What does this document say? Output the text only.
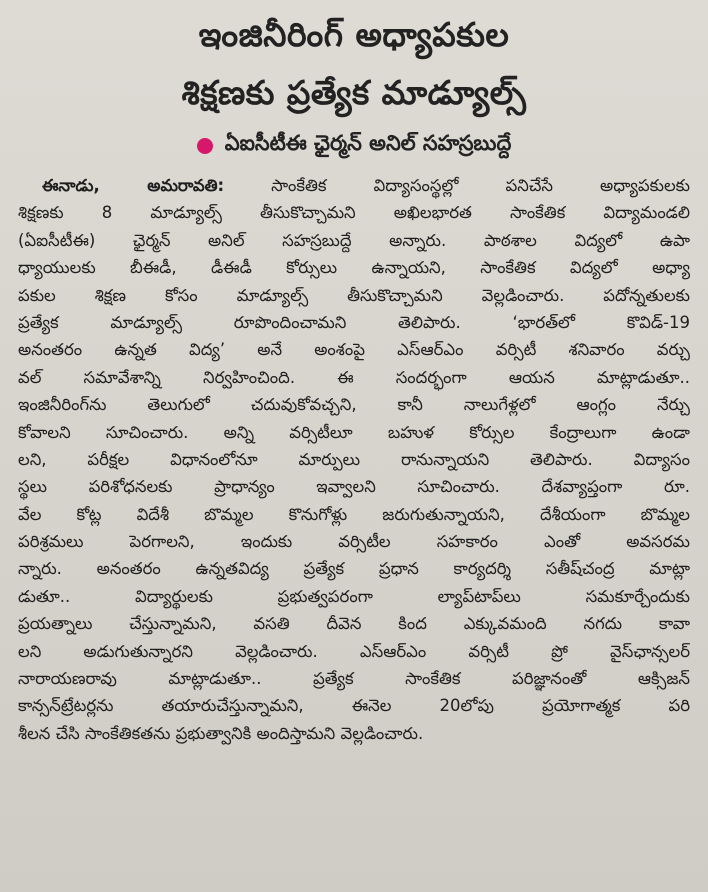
ఇంజినీరింగ్ అధ్యాపకుల
శిక్షణకు ప్రత్యేక మాడ్యూల్స్
ఏఐసీటీఈ ఛైర్మన్ అనిల్ సహస్రబుద్దే
ఈనాడు, అమరావతి:	సాంకేతిక విద్యాసంస్థల్లో పనిచేసే అధ్యాపకులకు
శిక్షణకు 8 మాడ్యూల్స్ తీసుకొచ్చామని అఖిలభారత సాంకేతిక విద్యామండలి
(ఏఐసీటీఈ) ఛైర్మన్ అనిల్ సహస్రబుద్దే అన్నారు. పాఠశాల విద్యలో ఉపా
ధ్యాయులకు బీఈడీ, డీఈడీ కోర్సులు ఉన్నాయని, సాంకేతిక విద్యలో అధ్యా
పకుల శిక్షణ కోసం మాడ్యూల్స్ తీసుకొచ్చామని వెల్లడించారు. పదోన్నతులకు
ప్రత్యేక మాడ్యూల్స్ రూపొందించామని తెలిపారు. ‘భారత్‌లో కొవిడ్-19
అనంతరం ఉన్నత విద్య’ అనే అంశంపై ఎస్ఆర్ఎం వర్సిటీ శనివారం వర్చు
వల్ సమావేశాన్ని నిర్వహించింది. ఈ సందర్భంగా ఆయన మాట్లాడుతూ..
ఇంజినీరింగ్‌ను తెలుగులో చదువుకోవచ్చని, కానీ నాలుగేళ్లలో ఆంగ్లం నేర్చు
కోవాలని సూచించారు. అన్ని వర్సిటీలూ బహుళ కోర్సుల కేంద్రాలుగా ఉండా
లని, పరీక్షల విధానంలోనూ మార్పులు రానున్నాయని తెలిపారు. విద్యాసం
స్థలు పరిశోధనలకు ప్రాధాన్యం ఇవ్వాలని సూచించారు. దేశవ్యాప్తంగా రూ.
వేల కోట్ల విదేశీ బొమ్మల కొనుగోళ్లు జరుగుతున్నాయని, దేశీయంగా బొమ్మల
పరిశ్రమలు పెరగాలని, ఇందుకు వర్సిటీల సహకారం ఎంతో అవసరమ
న్నారు. అనంతరం ఉన్నతవిద్య ప్రత్యేక ప్రధాన కార్యదర్శి సతీష్‌చంద్ర మాట్లా
డుతూ.. విద్యార్థులకు ప్రభుత్వపరంగా ల్యాప్‌టాప్‌లు సమకూర్చేందుకు
ప్రయత్నాలు చేస్తున్నామని, వసతి దీవెన కింద ఎక్కువమంది నగదు కావా
లని అడుగుతున్నారని వెల్లడించారు. ఎస్ఆర్ఎం వర్సిటీ ప్రో వైస్‌ఛాన్సలర్
నారాయణరావు మాట్లాడుతూ.. ప్రత్యేక సాంకేతిక పరిజ్ఞానంతో ఆక్సిజన్
కాన్సన్‌ట్రేటర్లను తయారుచేస్తున్నామని, ఈనెల 20లోపు ప్రయోగాత్మక పరి
శీలన చేసి సాంకేతికతను ప్రభుత్వానికి అందిస్తామని వెల్లడించారు.
